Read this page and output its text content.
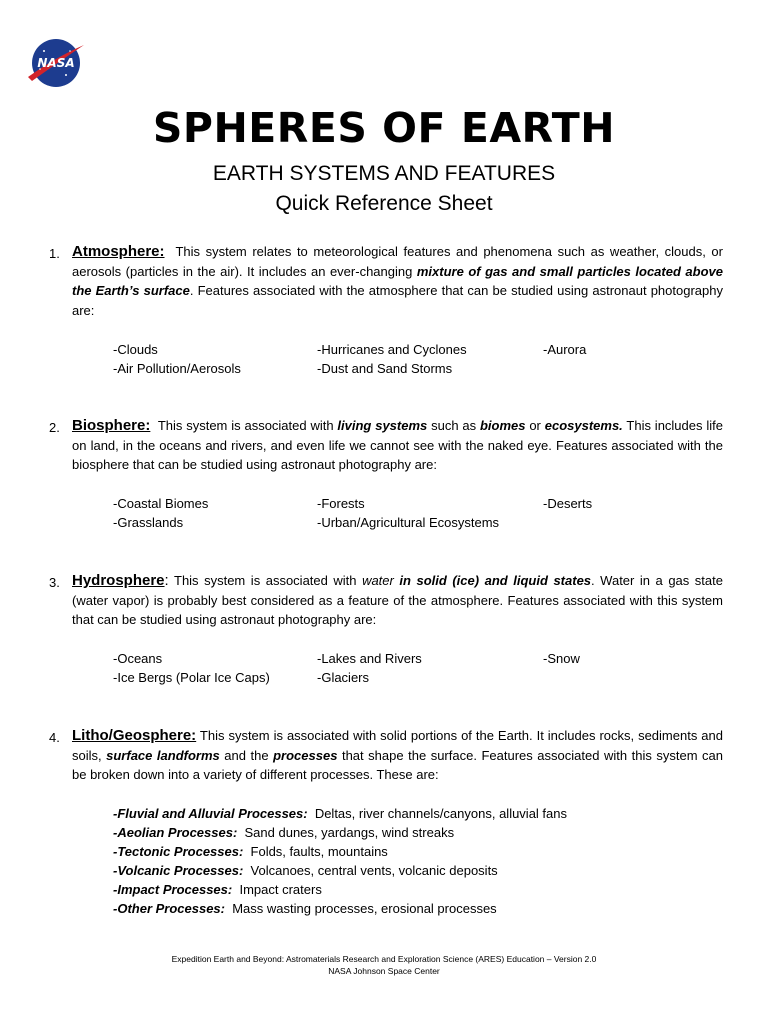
NASA
SPHERES OF EARTH
EARTH SYSTEMS AND FEATURES
Quick Reference Sheet
1. Atmosphere: This system relates to meteorological features and phenomena such as weather, clouds, or aerosols (particles in the air). It includes an ever-changing mixture of gas and small particles located above the Earth’s surface. Features associated with the atmosphere that can be studied using astronaut photography are:
-Clouds	-Hurricanes and Cyclones	-Aurora
-Air Pollution/Aerosols	-Dust and Sand Storms
2. Biosphere: This system is associated with living systems such as biomes or ecosystems. This includes life on land, in the oceans and rivers, and even life we cannot see with the naked eye. Features associated with the biosphere that can be studied using astronaut photography are:
-Coastal Biomes	-Forests	-Deserts
-Grasslands	-Urban/Agricultural Ecosystems
3. Hydrosphere: This system is associated with water in solid (ice) and liquid states. Water in a gas state (water vapor) is probably best considered as a feature of the atmosphere. Features associated with this system that can be studied using astronaut photography are:
-Oceans	-Lakes and Rivers	-Snow
-Ice Bergs (Polar Ice Caps)	-Glaciers
4. Litho/Geosphere: This system is associated with solid portions of the Earth. It includes rocks, sediments and soils, surface landforms and the processes that shape the surface. Features associated with this system can be broken down into a variety of different processes. These are:
-Fluvial and Alluvial Processes:  Deltas, river channels/canyons, alluvial fans
-Aeolian Processes:  Sand dunes, yardangs, wind streaks
-Tectonic Processes:  Folds, faults, mountains
-Volcanic Processes:  Volcanoes, central vents, volcanic deposits
-Impact Processes:  Impact craters
-Other Processes:  Mass wasting processes, erosional processes
Expedition Earth and Beyond: Astromaterials Research and Exploration Science (ARES) Education – Version 2.0
NASA Johnson Space Center
